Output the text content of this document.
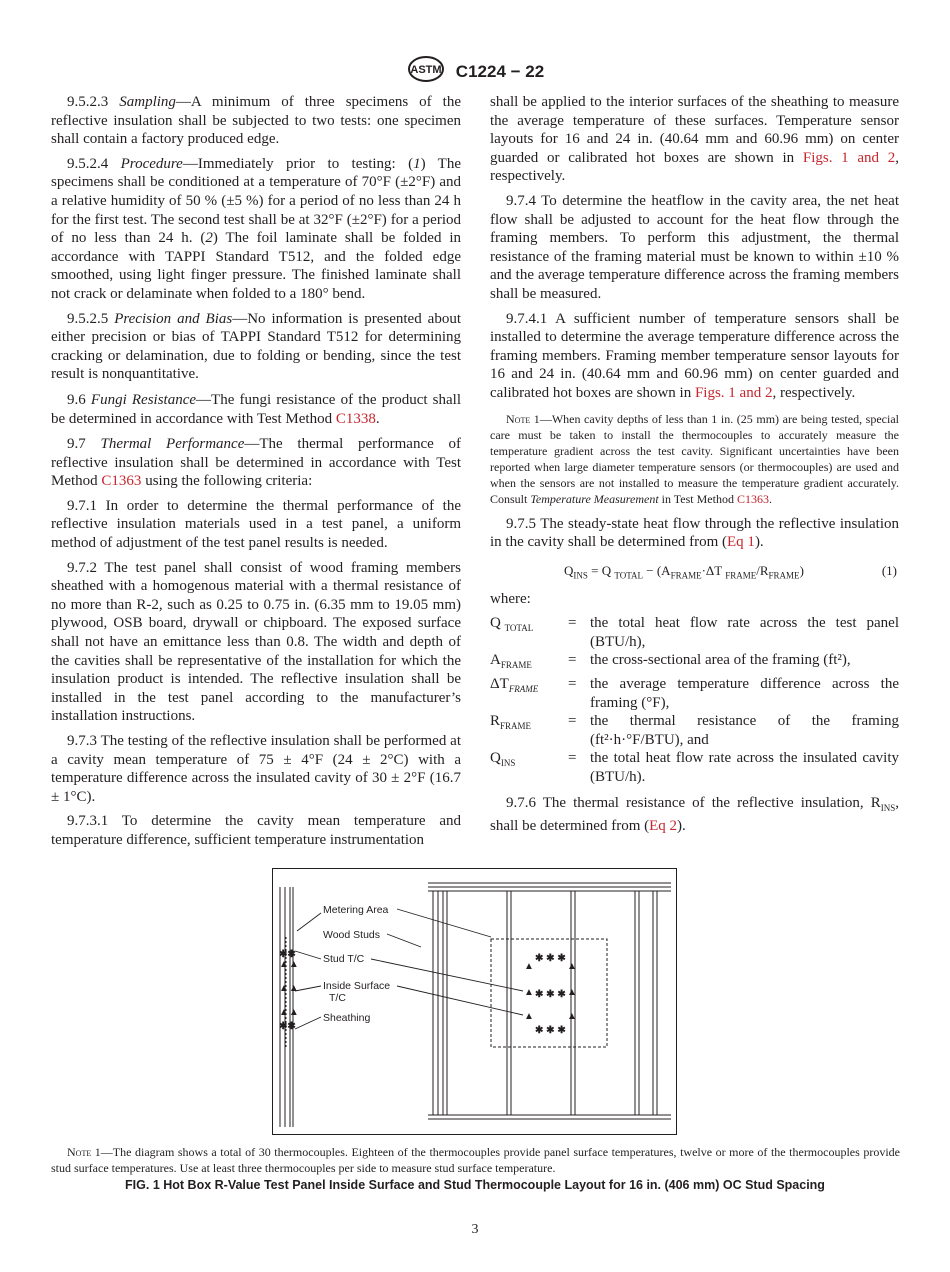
ASTM C1224 − 22

9.5.2.3 Sampling—A minimum of three specimens of the reflective insulation shall be subjected to two tests: one specimen shall contain a factory produced edge.

9.5.2.4 Procedure—Immediately prior to testing: (1) The specimens shall be conditioned at a temperature of 70°F (±2°F) and a relative humidity of 50 % (±5 %) for a period of no less than 24 h for the first test. The second test shall be at 32°F (±2°F) for a period of no less than 24 h. (2) The foil laminate shall be folded in accordance with TAPPI Standard T512, and the folded edge smoothed, using light finger pressure. The finished laminate shall not crack or delaminate when folded to a 180° bend.

9.5.2.5 Precision and Bias—No information is presented about either precision or bias of TAPPI Standard T512 for determining cracking or delamination, due to folding or bending, since the test result is nonquantitative.

9.6 Fungi Resistance—The fungi resistance of the product shall be determined in accordance with Test Method C1338.

9.7 Thermal Performance—The thermal performance of reflective insulation shall be determined in accordance with Test Method C1363 using the following criteria:

9.7.1 In order to determine the thermal performance of the reflective insulation materials used in a test panel, a uniform method of adjustment of the test panel results is needed.

9.7.2 The test panel shall consist of wood framing members sheathed with a homogenous material with a thermal resistance of no more than R-2, such as 0.25 to 0.75 in. (6.35 mm to 19.05 mm) plywood, OSB board, drywall or chipboard. The exposed surface shall not have an emittance less than 0.8. The width and depth of the cavities shall be representative of the installation for which the insulation product is intended. The reflective insulation shall be installed in the test panel according to the manufacturer’s installation instructions.

9.7.3 The testing of the reflective insulation shall be performed at a cavity mean temperature of 75 ± 4°F (24 ± 2°C) with a temperature difference across the insulated cavity of 30 ± 2°F (16.7 ± 1°C).

9.7.3.1 To determine the cavity mean temperature and temperature difference, sufficient temperature instrumentation

shall be applied to the interior surfaces of the sheathing to measure the average temperature of these surfaces. Temperature sensor layouts for 16 and 24 in. (40.64 mm and 60.96 mm) on center guarded or calibrated hot boxes are shown in Figs. 1 and 2, respectively.

9.7.4 To determine the heatflow in the cavity area, the net heat flow shall be adjusted to account for the heat flow through the framing members. To perform this adjustment, the thermal resistance of the framing material must be known to within ±10 % and the average temperature difference across the framing members shall be measured.

9.7.4.1 A sufficient number of temperature sensors shall be installed to determine the average temperature difference across the framing members. Framing member temperature sensor layouts for 16 and 24 in. (40.64 mm and 60.96 mm) on center guarded and calibrated hot boxes are shown in Figs. 1 and 2, respectively.

Note 1—When cavity depths of less than 1 in. (25 mm) are being tested, special care must be taken to install the thermocouples to accurately measure the temperature gradient across the test cavity. Significant uncertainties have been reported when large diameter temperature sensors (or thermocouples) are used and when the sensors are not installed to measure the temperature gradient accurately. Consult Temperature Measurement in Test Method C1363.

9.7.5 The steady-state heat flow through the reflective insulation in the cavity shall be determined from (Eq 1).

$Q_{INS} = Q$ $_{TOTAL} - (A_{FRAME}\cdot\Delta T$ $_{FRAME}/R_{FRAME}$)	(1)
where:
Q $_{TOTAL}$	=	the total heat flow rate across the test panel (BTU/h),
$A_{FRAME}$	=	the cross-sectional area of the framing (ft²),
$\Delta T_{FRAME}$	=	the average temperature difference across the framing (°F),
$R_{FRAME}$	=	the thermal resistance of the framing (ft²·h·°F/BTU), and
$Q_{INS}$	=	the total heat flow rate across the insulated cavity (BTU/h).

9.7.6 The thermal resistance of the reflective insulation, $R_{INS}$, shall be determined from (Eq 2).

✱✱
▲▲
▲▲
▲▲
✱✱
Metering Area
Wood Studs
Stud T/C
Inside Surface
T/C
Sheathing
▲
✱ ✱ ✱
▲
▲ ✱ ✱ ✱ ▲
▲
✱ ✱ ✱
▲
Note 1—The diagram shows a total of 30 thermocouples. Eighteen of the thermocouples provide panel surface temperatures, twelve or more of the thermocouples provide stud surface temperatures. Use at least three thermocouples per side to measure stud surface temperature.
FIG. 1 Hot Box R-Value Test Panel Inside Surface and Stud Thermocouple Layout for 16 in. (406 mm) OC Stud Spacing
3
